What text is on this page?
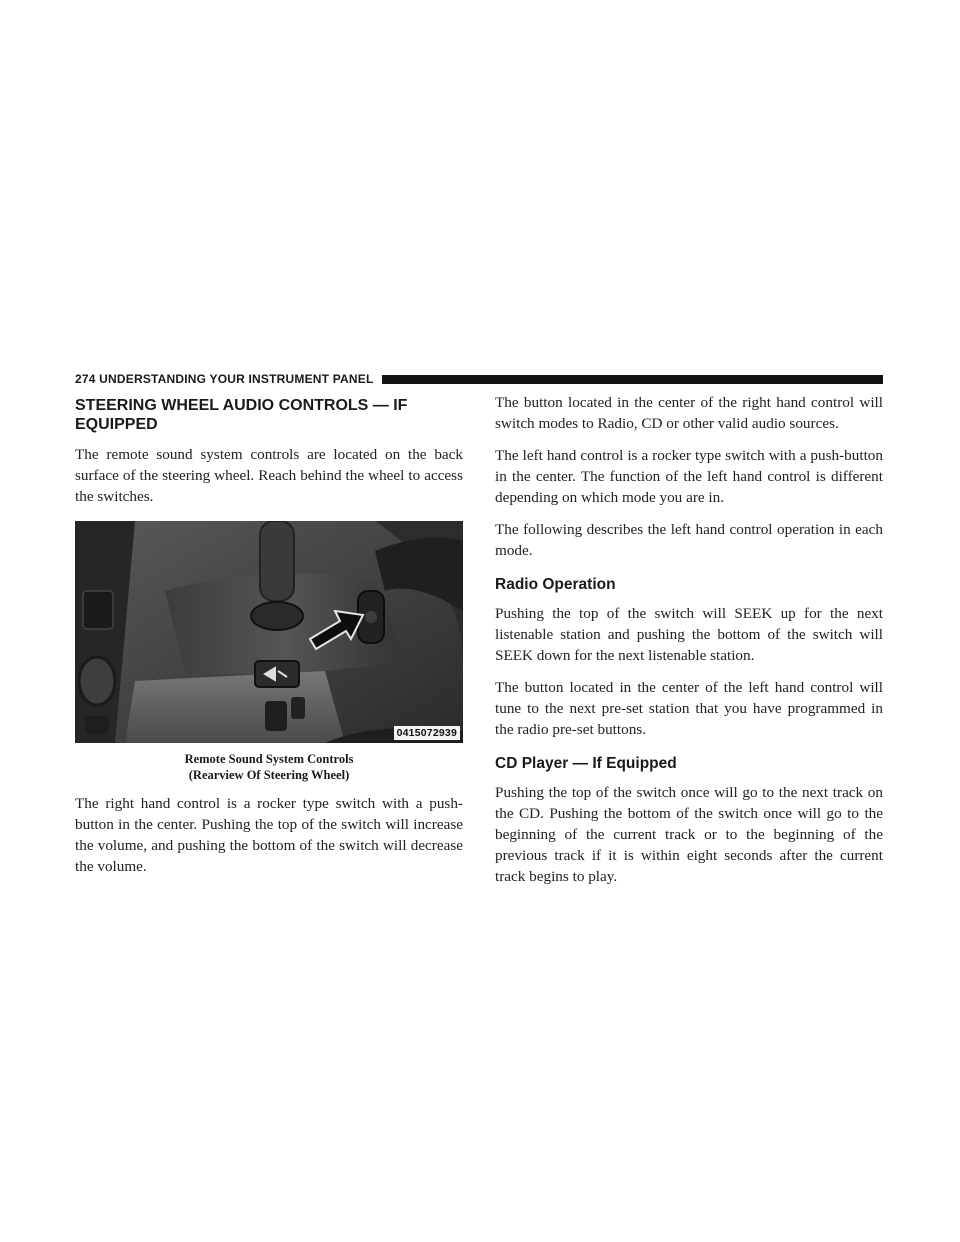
274 UNDERSTANDING YOUR INSTRUMENT PANEL
STEERING WHEEL AUDIO CONTROLS — IF EQUIPPED

The remote sound system controls are located on the back surface of the steering wheel. Reach behind the wheel to access the switches.

0415072939
Remote Sound System Controls
(Rearview Of Steering Wheel)

The right hand control is a rocker type switch with a push-button in the center. Pushing the top of the switch will increase the volume, and pushing the bottom of the switch will decrease the volume.

The button located in the center of the right hand control will switch modes to Radio, CD or other valid audio sources.

The left hand control is a rocker type switch with a push-button in the center. The function of the left hand control is different depending on which mode you are in.

The following describes the left hand control operation in each mode.

Radio Operation

Pushing the top of the switch will SEEK up for the next listenable station and pushing the bottom of the switch will SEEK down for the next listenable station.

The button located in the center of the left hand control will tune to the next pre-set station that you have programmed in the radio pre-set buttons.

CD Player — If Equipped

Pushing the top of the switch once will go to the next track on the CD. Pushing the bottom of the switch once will go to the beginning of the current track or to the beginning of the previous track if it is within eight seconds after the current track begins to play.
